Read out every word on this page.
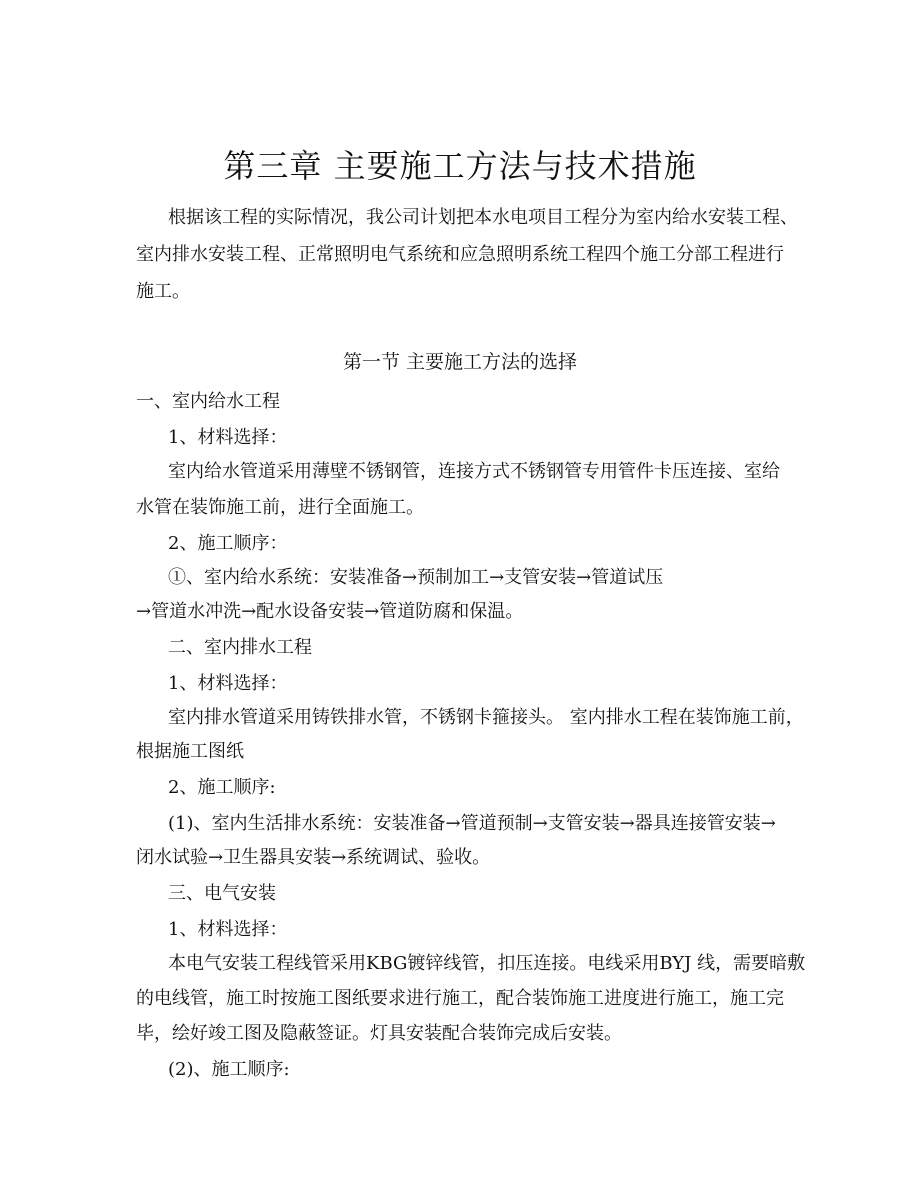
第三章 主要施工方法与技术措施
根据该工程的实际情况，我公司计划把本水电项目工程分为室内给水安装工程、
室内排水安装工程、正常照明电气系统和应急照明系统工程四个施工分部工程进行
施工。
第一节 主要施工方法的选择
一、室内给水工程
1、材料选择：
室内给水管道采用薄壁不锈钢管，连接方式不锈钢管专用管件卡压连接、室给
水管在装饰施工前，进行全面施工。
2、施工顺序：
①、室内给水系统：安装准备→预制加工→支管安装→管道试压
→管道水冲洗→配水设备安装→管道防腐和保温。
二、室内排水工程
1、材料选择：
室内排水管道采用铸铁排水管，不锈钢卡箍接头。 室内排水工程在装饰施工前，
根据施工图纸
2、施工顺序:
(1)、室内生活排水系统：安装准备→管道预制→支管安装→器具连接管安装→
闭水试验→卫生器具安装→系统调试、验收。
三、电气安装
1、材料选择：
本电气安装工程线管采用KBG镀锌线管，扣压连接。电线采用BYJ 线，需要暗敷
的电线管，施工时按施工图纸要求进行施工，配合装饰施工进度进行施工，施工完
毕，绘好竣工图及隐蔽签证。灯具安装配合装饰完成后安装。
(2)、施工顺序:
